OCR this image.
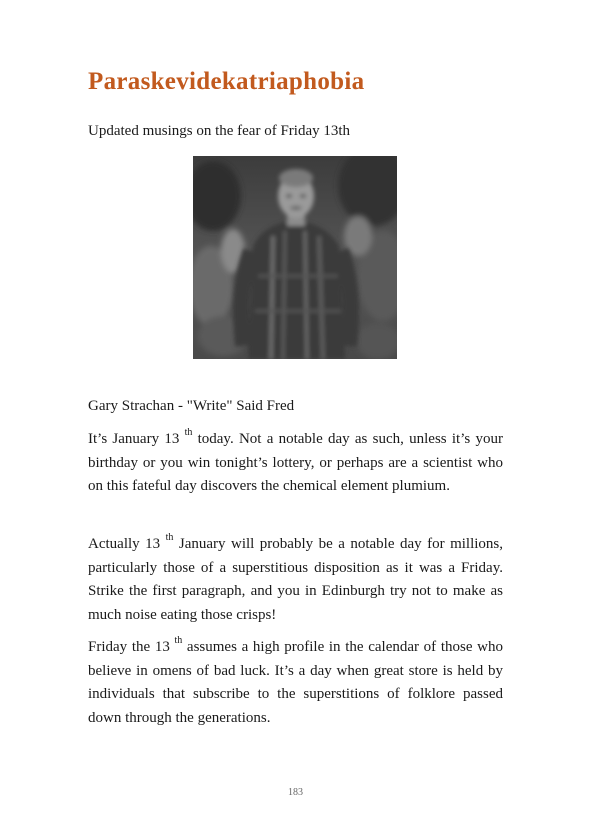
Paraskevidekatriaphobia

Updated musings on the fear of Friday 13th

Gary Strachan - "Write" Said Fred

It’s January 13 $^{th}$ today. Not a notable day as such, unless it’s your birthday or you win tonight’s lottery, or perhaps are a scientist who on this fateful day discovers the chemical element plumium.

Actually 13 $^{th}$ January will probably be a notable day for millions, particularly those of a superstitious disposition as it was a Friday. Strike the first paragraph, and you in Edinburgh try not to make as much noise eating those crisps!

Friday the 13 $^{th}$ assumes a high profile in the calendar of those who believe in omens of bad luck. It’s a day when great store is held by individuals that subscribe to the superstitions of folklore passed down through the generations.

183
